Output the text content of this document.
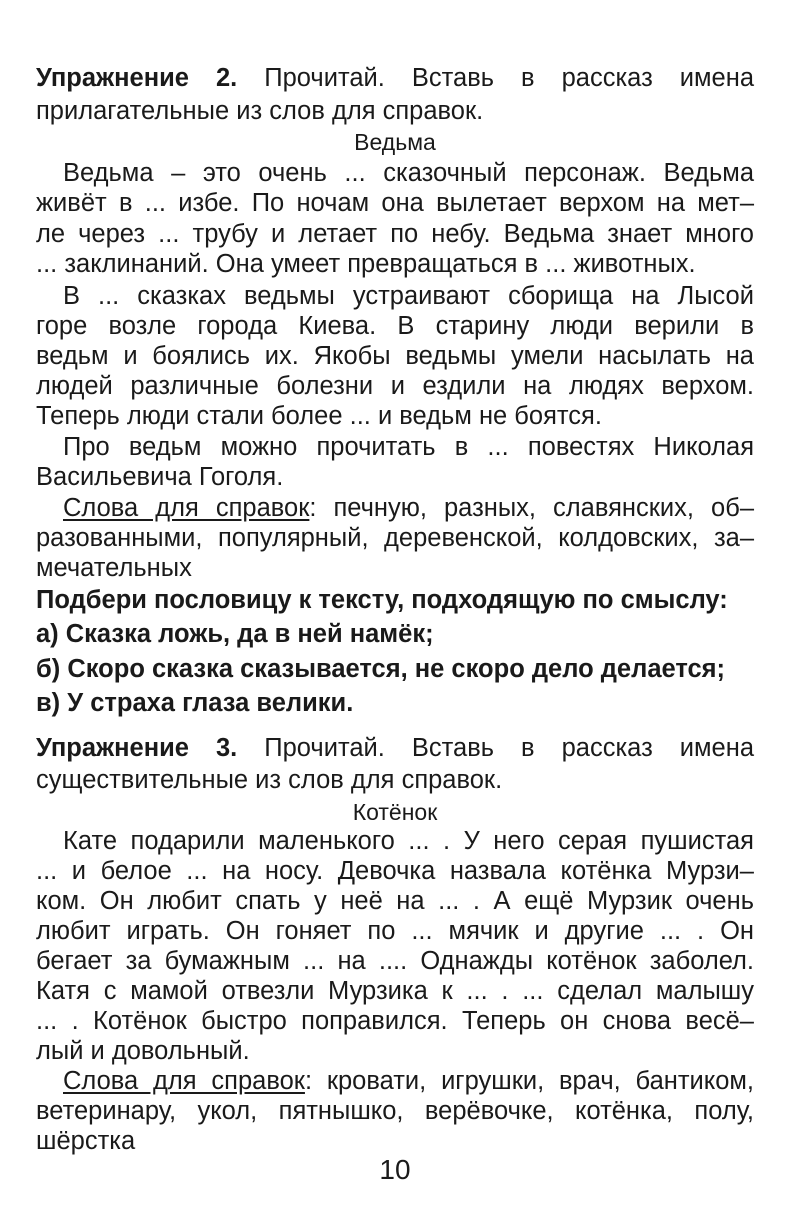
Упражнение 2. Прочитай. Вставь в рассказ имена
прилагательные из слов для справок.
Ведьма
Ведьма – это очень ... сказочный персонаж. Ведьма
живёт в ... избе. По ночам она вылетает верхом на мет–
ле через ... трубу и летает по небу. Ведьма знает много
... заклинаний. Она умеет превращаться в ... животных.
В ... сказках ведьмы устраивают сборища на Лысой
горе возле города Киева. В старину люди верили в
ведьм и боялись их. Якобы ведьмы умели насылать на
людей различные болезни и ездили на людях верхом.
Теперь люди стали более ... и ведьм не боятся.
Про ведьм можно прочитать в ... повестях Николая
Васильевича Гоголя.
Слова для справок: печную, разных, славянских, об–
разованными, популярный, деревенской, колдовских, за–
мечательных
Подбери пословицу к тексту, подходящую по смыслу:
а) Сказка ложь, да в ней намёк;
б) Скоро сказка сказывается, не скоро дело делается;
в) У страха глаза велики.
Упражнение 3. Прочитай. Вставь в рассказ имена
существительные из слов для справок.
Котёнок
Кате подарили маленького ... . У него серая пушистая
... и белое ... на носу. Девочка назвала котёнка Мурзи–
ком. Он любит спать у неё на ... . А ещё Мурзик очень
любит играть. Он гоняет по ... мячик и другие ... . Он
бегает за бумажным ... на .... Однажды котёнок заболел.
Катя с мамой отвезли Мурзика к ... . ... сделал малышу
... . Котёнок быстро поправился. Теперь он снова весё–
лый и довольный.
Слова для справок: кровати, игрушки, врач, бантиком,
ветеринару, укол, пятнышко, верёвочке, котёнка, полу,
шёрстка
10
